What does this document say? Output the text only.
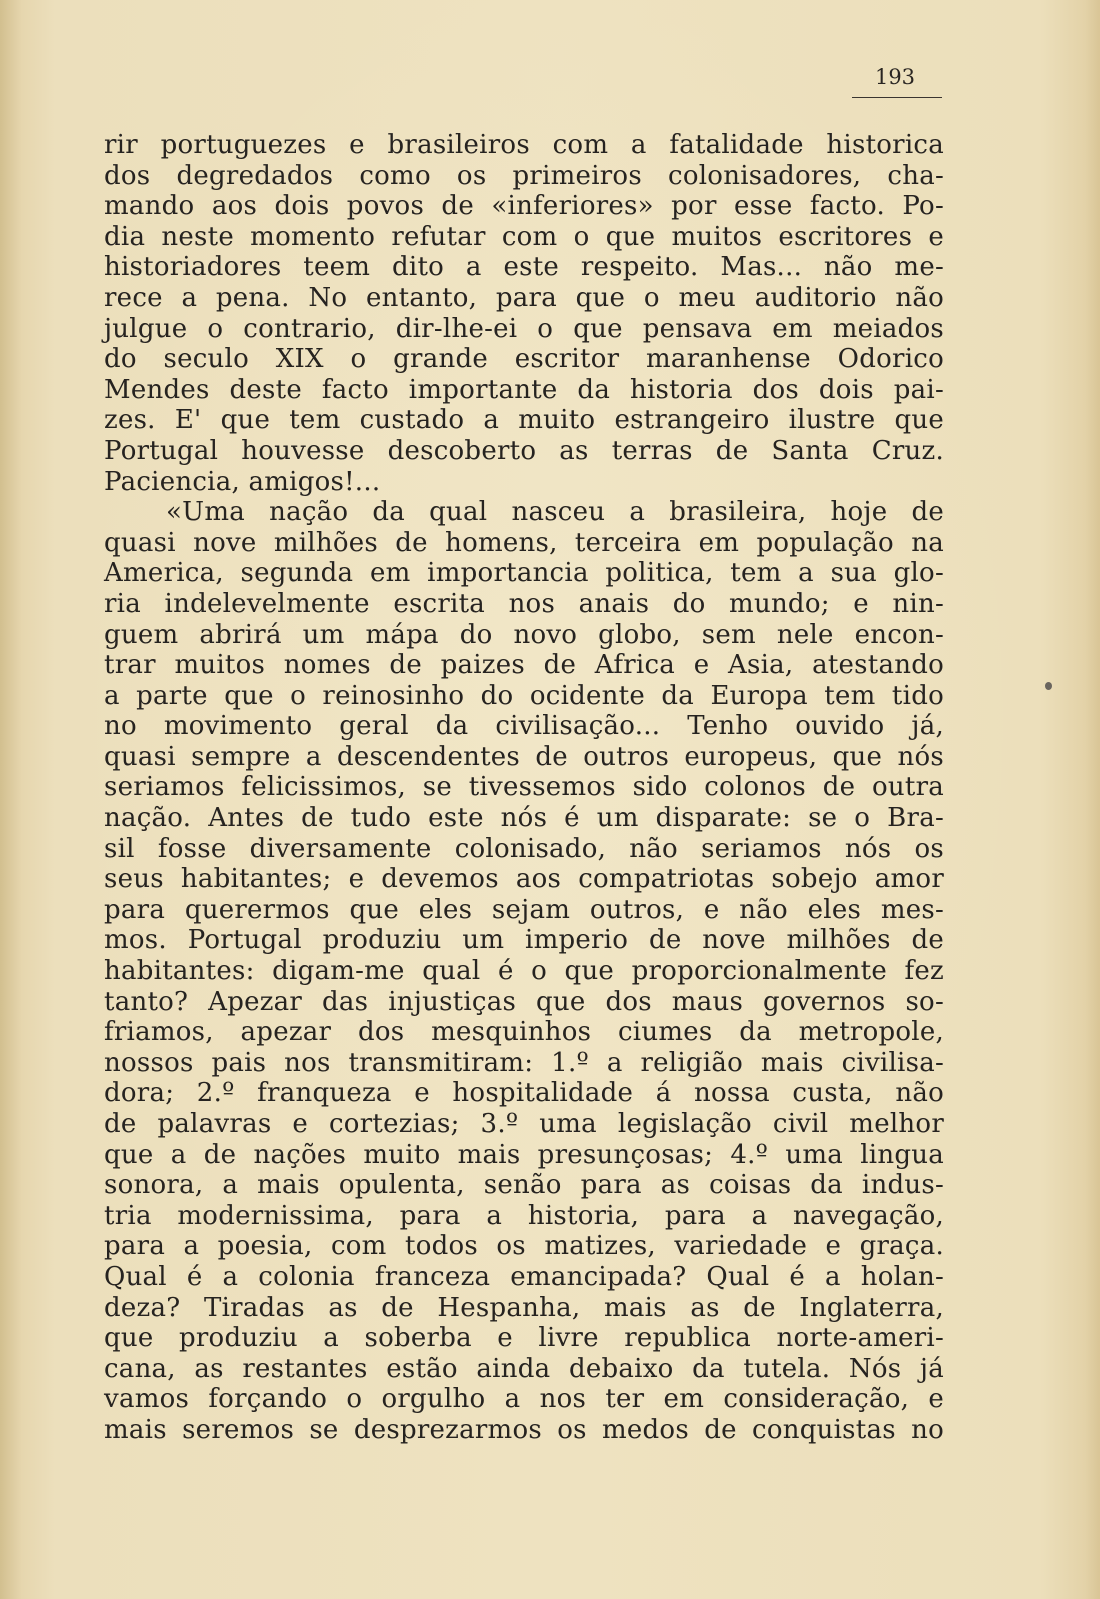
193
rir portuguezes e brasileiros com a fatalidade historica
dos degredados como os primeiros colonisadores, cha-
mando aos dois povos de «inferiores» por esse facto. Po-
dia neste momento refutar com o que muitos escritores e
historiadores teem dito a este respeito. Mas... não me-
rece a pena. No entanto, para que o meu auditorio não
julgue o contrario, dir-lhe-ei o que pensava em meiados
do seculo XIX o grande escritor maranhense Odorico
Mendes deste facto importante da historia dos dois pai-
zes. E' que tem custado a muito estrangeiro ilustre que
Portugal houvesse descoberto as terras de Santa Cruz.
Paciencia, amigos!...
«Uma nação da qual nasceu a brasileira, hoje de
quasi nove milhões de homens, terceira em população na
America, segunda em importancia politica, tem a sua glo-
ria indelevelmente escrita nos anais do mundo; e nin-
guem abrirá um mápa do novo globo, sem nele encon-
trar muitos nomes de paizes de Africa e Asia, atestando
a parte que o reinosinho do ocidente da Europa tem tido
no movimento geral da civilisação... Tenho ouvido já,
quasi sempre a descendentes de outros europeus, que nós
seriamos felicissimos, se tivessemos sido colonos de outra
nação. Antes de tudo este nós é um disparate: se o Bra-
sil fosse diversamente colonisado, não seriamos nós os
seus habitantes; e devemos aos compatriotas sobejo amor
para querermos que eles sejam outros, e não eles mes-
mos. Portugal produziu um imperio de nove milhões de
habitantes: digam-me qual é o que proporcionalmente fez
tanto? Apezar das injustiças que dos maus governos so-
friamos, apezar dos mesquinhos ciumes da metropole,
nossos pais nos transmitiram: 1.º a religião mais civilisa-
dora; 2.º franqueza e hospitalidade á nossa custa, não
de palavras e cortezias; 3.º uma legislação civil melhor
que a de nações muito mais presunçosas; 4.º uma lingua
sonora, a mais opulenta, senão para as coisas da indus-
tria modernissima, para a historia, para a navegação,
para a poesia, com todos os matizes, variedade e graça.
Qual é a colonia franceza emancipada? Qual é a holan-
deza? Tiradas as de Hespanha, mais as de Inglaterra,
que produziu a soberba e livre republica norte-ameri-
cana, as restantes estão ainda debaixo da tutela. Nós já
vamos forçando o orgulho a nos ter em consideração, e
mais seremos se desprezarmos os medos de conquistas no
